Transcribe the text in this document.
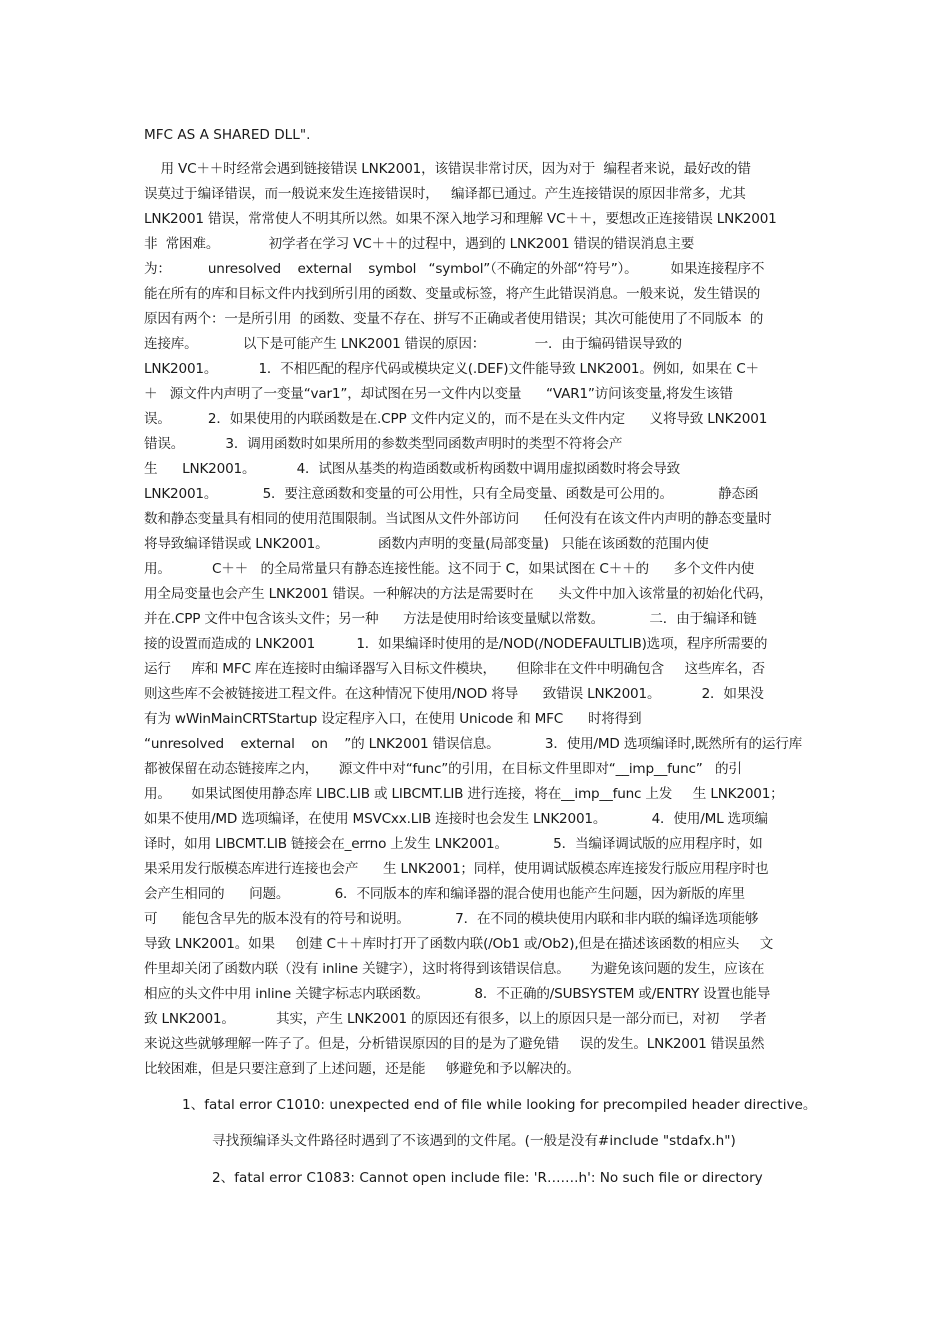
MFC AS A SHARED DLL".
用 VC＋＋时经常会遇到链接错误 LNK2001，该错误非常讨厌，因为对于  编程者来说，最好改的错
误莫过于编译错误，而一般说来发生连接错误时，   编译都已通过。产生连接错误的原因非常多，尤其
LNK2001 错误，常常使人不明其所以然。如果不深入地学习和理解 VC＋＋，要想改正连接错误 LNK2001
非  常困难。            初学者在学习 VC＋＋的过程中，遇到的 LNK2001 错误的错误消息主要
为：         unresolved    external    symbol   “symbol”（不确定的外部“符号”）。        如果连接程序不
能在所有的库和目标文件内找到所引用的函数、变量或标签，将产生此错误消息。一般来说，发生错误的
原因有两个：一是所引用  的函数、变量不存在、拼写不正确或者使用错误；其次可能使用了不同版本  的
连接库。           以下是可能产生 LNK2001 错误的原因：            一．由于编码错误导致的
LNK2001。          1．不相匹配的程序代码或模块定义(.DEF)文件能导致 LNK2001。例如,  如果在 C＋
＋   源文件内声明了一变量“var1”，却试图在另一文件内以变量      “VAR1”访问该变量,将发生该错
误。         2．如果使用的内联函数是在.CPP 文件内定义的，而不是在头文件内定      义将导致 LNK2001
错误。          3．调用函数时如果所用的参数类型同函数声明时的类型不符将会产
生      LNK2001。          4．试图从基类的构造函数或析构函数中调用虚拟函数时将会导致
LNK2001。           5．要注意函数和变量的可公用性，只有全局变量、函数是可公用的。           静态函
数和静态变量具有相同的使用范围限制。当试图从文件外部访问      任何没有在该文件内声明的静态变量时
将导致编译错误或 LNK2001。            函数内声明的变量(局部变量)   只能在该函数的范围内使
用。          C＋＋   的全局常量只有静态连接性能。这不同于 C，如果试图在 C＋＋的      多个文件内使
用全局变量也会产生 LNK2001 错误。一种解决的方法是需要时在      头文件中加入该常量的初始化代码，
并在.CPP 文件中包含该头文件；另一种      方法是使用时给该变量赋以常数。           二．由于编译和链
接的设置而造成的 LNK2001          1．如果编译时使用的是/NOD(/NODEFAULTLIB)选项，程序所需要的
运行     库和 MFC 库在连接时由编译器写入目标文件模块，     但除非在文件中明确包含     这些库名，否
则这些库不会被链接进工程文件。在这种情况下使用/NOD 将导      致错误 LNK2001。          2．如果没
有为 wWinMainCRTStartup 设定程序入口，在使用 Unicode 和 MFC      时将得到
“unresolved    external    on    ”的 LNK2001 错误信息。           3．使用/MD 选项编译时,既然所有的运行库
都被保留在动态链接库之内，     源文件中对“func”的引用，在目标文件里即对“__imp__func”   的引
用。     如果试图使用静态库 LIBC.LIB 或 LIBCMT.LIB 进行连接，将在__imp__func 上发     生 LNK2001；
如果不使用/MD 选项编译，在使用 MSVCxx.LIB 连接时也会发生 LNK2001。           4．使用/ML 选项编
译时，如用 LIBCMT.LIB 链接会在_errno 上发生 LNK2001。           5．当编译调试版的应用程序时，如
果采用发行版模态库进行连接也会产      生 LNK2001；同样，使用调试版模态库连接发行版应用程序时也
会产生相同的      问题。           6．不同版本的库和编译器的混合使用也能产生问题，因为新版的库里
可      能包含早先的版本没有的符号和说明。           7．在不同的模块使用内联和非内联的编译选项能够
导致 LNK2001。如果     创建 C＋＋库时打开了函数内联(/Ob1 或/Ob2),但是在描述该函数的相应头     文
件里却关闭了函数内联（没有 inline 关键字），这时将得到该错误信息。     为避免该问题的发生，应该在
相应的头文件中用 inline 关键字标志内联函数。           8．不正确的/SUBSYSTEM 或/ENTRY 设置也能导
致 LNK2001。          其实，产生 LNK2001 的原因还有很多，以上的原因只是一部分而已，对初     学者
来说这些就够理解一阵子了。但是，分析错误原因的目的是为了避免错     误的发生。LNK2001 错误虽然
比较困难，但是只要注意到了上述问题，还是能     够避免和予以解决的。
1、fatal error C1010: unexpected end of file while looking for precompiled header directive。
寻找预编译头文件路径时遇到了不该遇到的文件尾。(一般是没有#include "stdafx.h")
2、fatal error C1083: Cannot open include file: 'R…….h': No such file or directory
